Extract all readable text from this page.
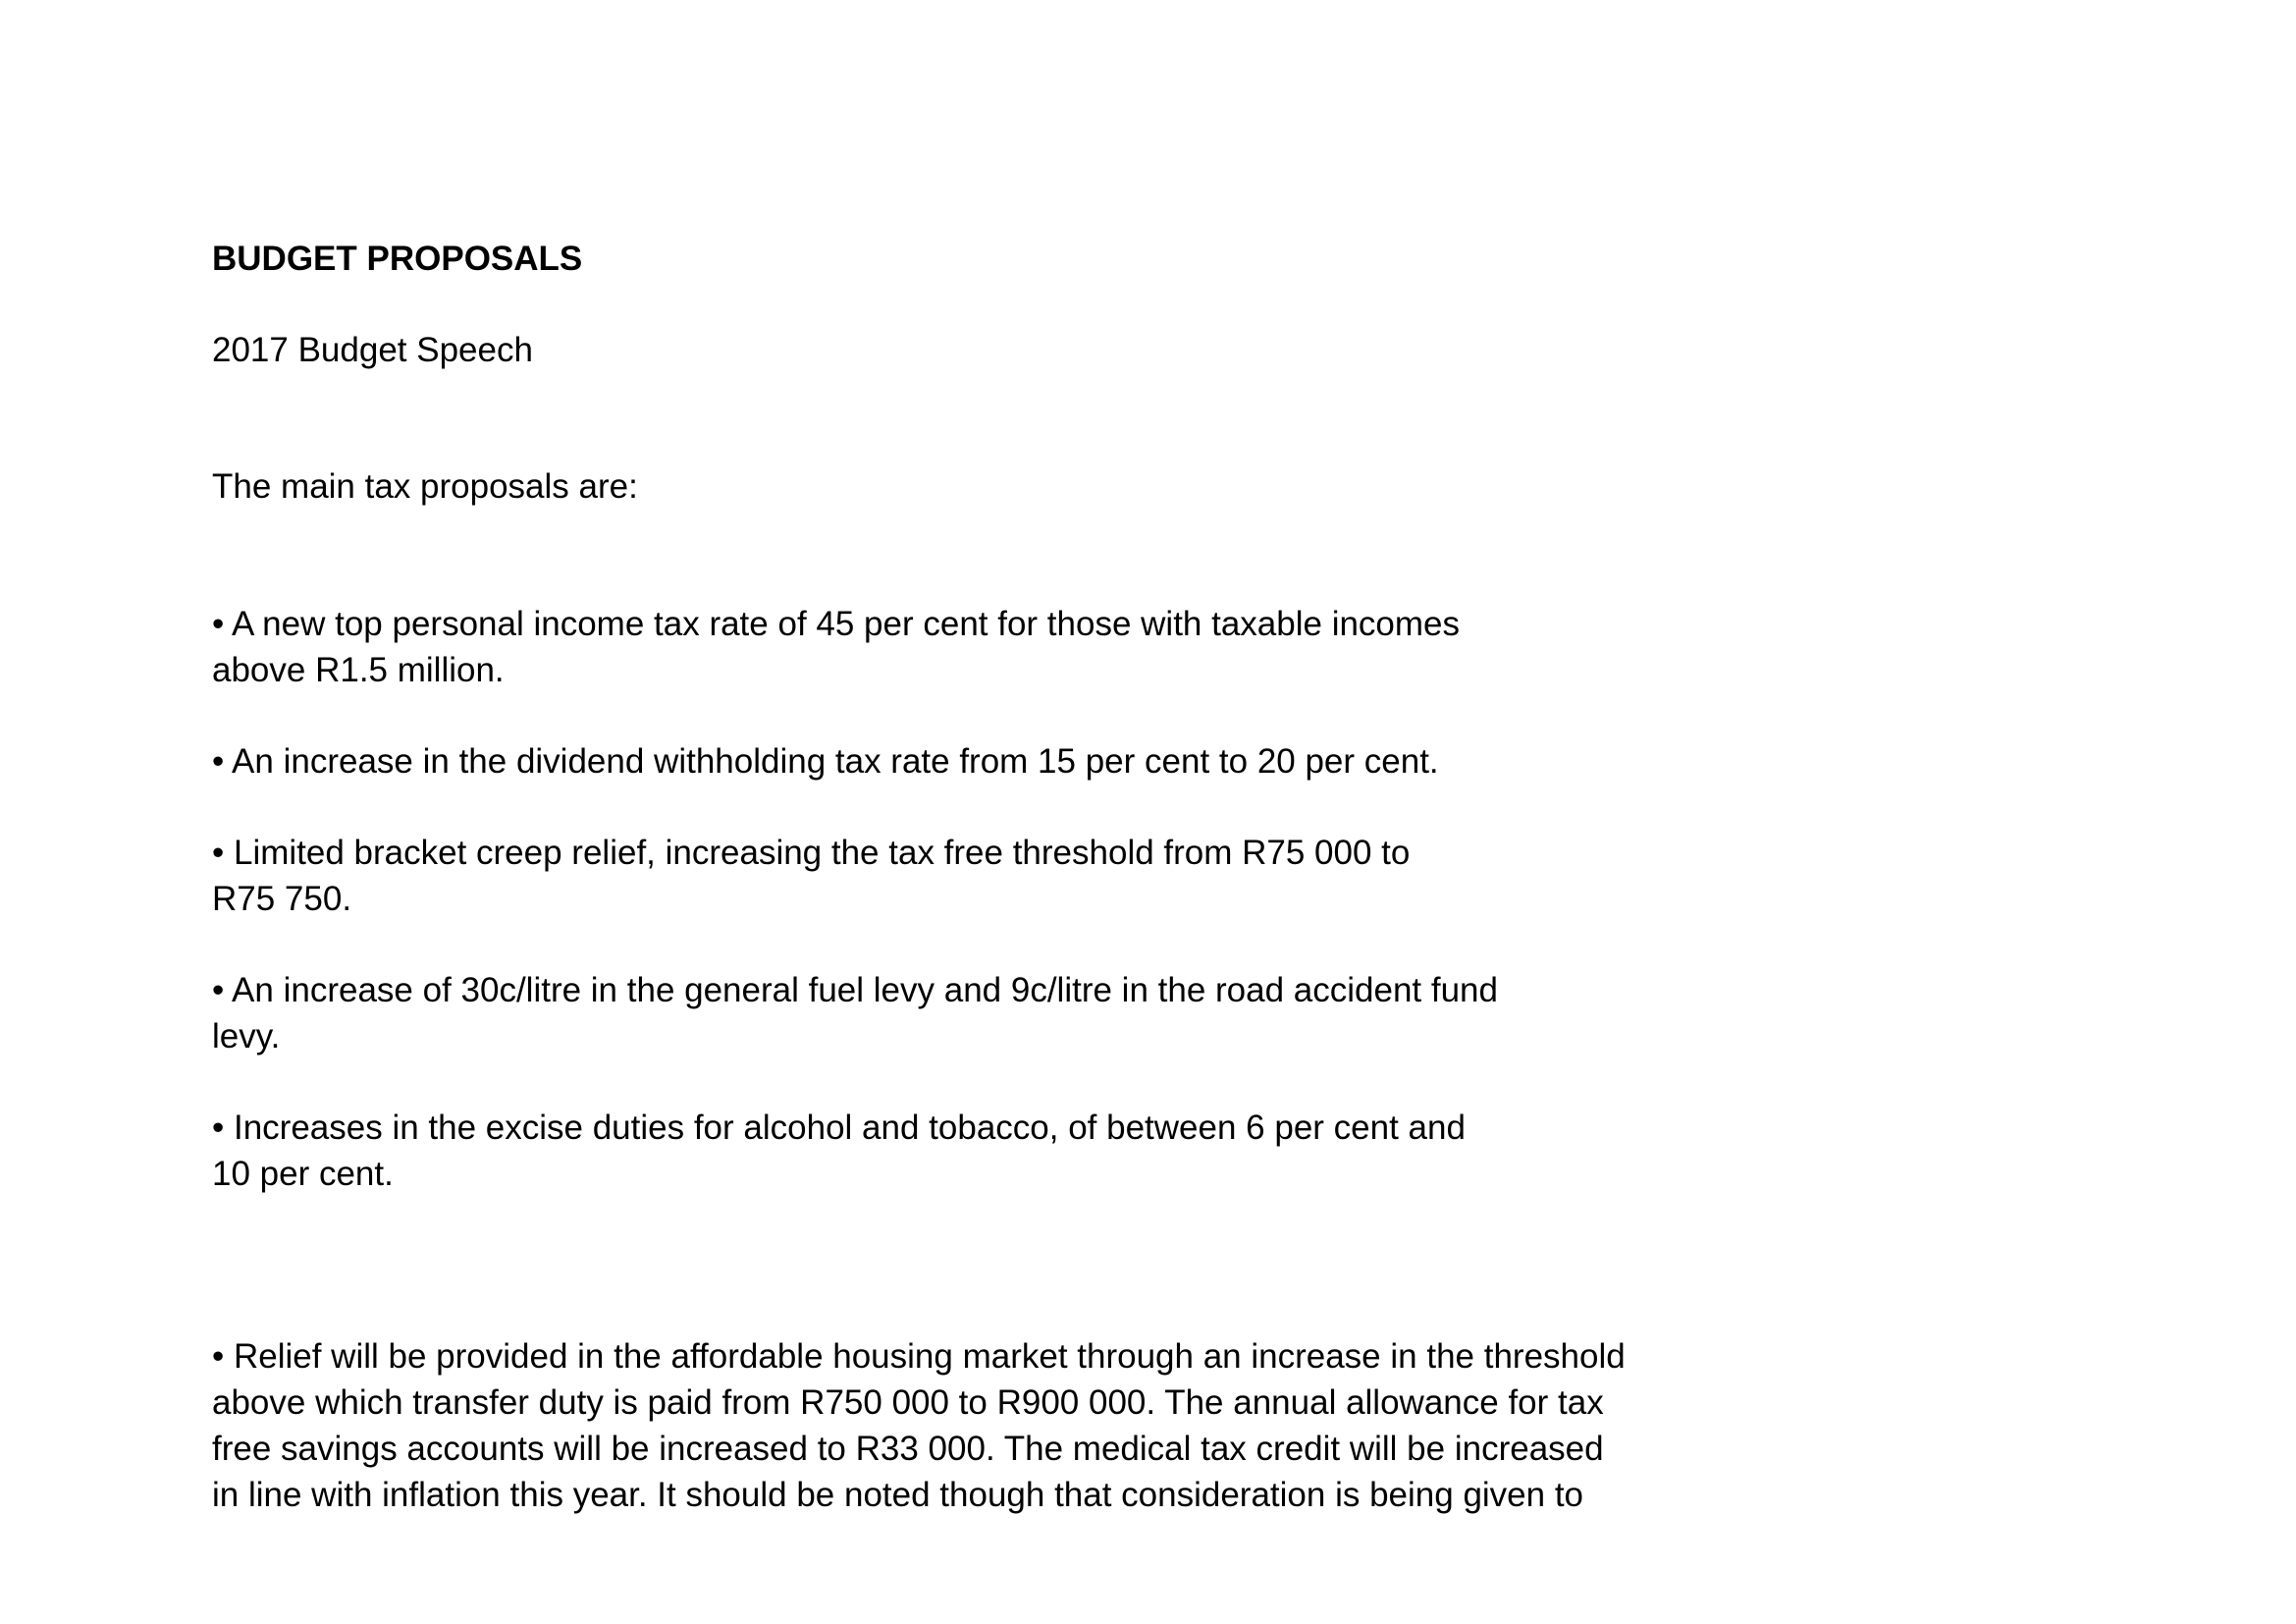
BUDGET PROPOSALS
2017 Budget Speech
The main tax proposals are:
• A new top personal income tax rate of 45 per cent for those with taxable incomes
above R1.5 million.
• An increase in the dividend withholding tax rate from 15 per cent to 20 per cent.
• Limited bracket creep relief, increasing the tax free threshold from R75 000 to
R75 750.
• An increase of 30c/litre in the general fuel levy and 9c/litre in the road accident fund
levy.
• Increases in the excise duties for alcohol and tobacco, of between 6 per cent and
10 per cent.
• Relief will be provided in the affordable housing market through an increase in the threshold
above which transfer duty is paid from R750 000 to R900 000. The annual allowance for tax
free savings accounts will be increased to R33 000. The medical tax credit will be increased
in line with inflation this year. It should be noted though that consideration is being given to
